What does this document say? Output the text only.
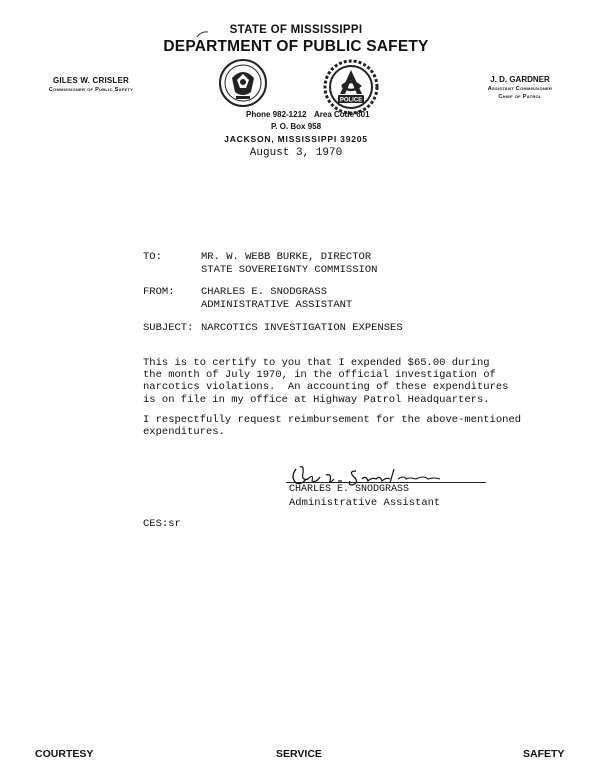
STATE OF MISSISSIPPI
DEPARTMENT OF PUBLIC SAFETY
GILES W. CRISLER
Commissioner of Public Safety
J. D. GARDNER
Assistant Commissioner
Chief of Patrol
POLICE
Phone 982-1212 Area Code 601
P. O. Box 958
JACKSON, MISSISSIPPI 39205
August 3, 1970
TO:	MR. W. WEBB BURKE, DIRECTOR
STATE SOVEREIGNTY COMMISSION
FROM:	CHARLES E. SNODGRASS
ADMINISTRATIVE ASSISTANT
SUBJECT: NARCOTICS INVESTIGATION EXPENSES
This is to certify to you that I expended $65.00 during
the month of July 1970, in the official investigation of
narcotics violations.  An accounting of these expenditures
is on file in my office at Highway Patrol Headquarters.
I respectfully request reimbursement for the above-mentioned
expenditures.
CHARLES E. SNODGRASS
Administrative Assistant
CES:sr
COURTESY	SERVICE	SAFETY
